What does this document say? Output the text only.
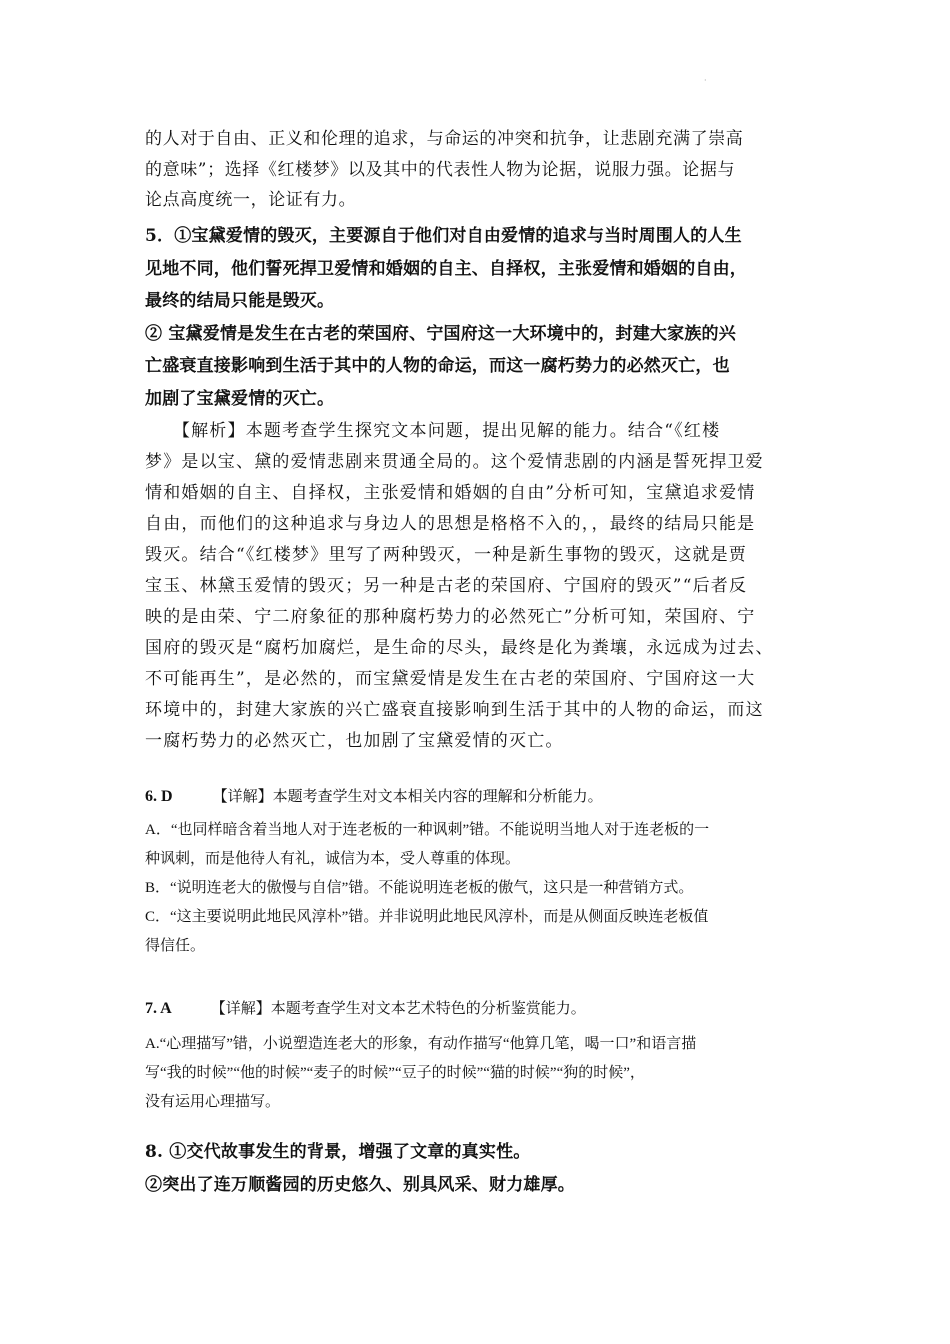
·

的人对于自由、正义和伦理的追求，与命运的冲突和抗争，让悲剧充满了崇高

的意味”；选择《红楼梦》以及其中的代表性人物为论据，说服力强。论据与

论点高度统一，论证有力。

5．①宝黛爱情的毁灭，主要源自于他们对自由爱情的追求与当时周围人的人生

见地不同，他们誓死捍卫爱情和婚姻的自主、自择权，主张爱情和婚姻的自由，

最终的结局只能是毁灭。

② 宝黛爱情是发生在古老的荣国府、宁国府这一大环境中的，封建大家族的兴

亡盛衰直接影响到生活于其中的人物的命运，而这一腐朽势力的必然灭亡，也

加剧了宝黛爱情的灭亡。

　　【解析】本题考查学生探究文本问题，提出见解的能力。结合“《红楼

梦》是以宝、黛的爱情悲剧来贯通全局的。这个爱情悲剧的内涵是誓死捍卫爱

情和婚姻的自主、自择权，主张爱情和婚姻的自由”分析可知，宝黛追求爱情

自由，而他们的这种追求与身边人的思想是格格不入的，，最终的结局只能是

毁灭。结合“《红楼梦》里写了两种毁灭，一种是新生事物的毁灭，这就是贾

宝玉、林黛玉爱情的毁灭；另一种是古老的荣国府、宁国府的毁灭”“后者反

映的是由荣、宁二府象征的那种腐朽势力的必然死亡”分析可知，荣国府、宁

国府的毁灭是“腐朽加腐烂，是生命的尽头，最终是化为粪壤，永远成为过去、

不可能再生”，是必然的，而宝黛爱情是发生在古老的荣国府、宁国府这一大

环境中的，封建大家族的兴亡盛衰直接影响到生活于其中的人物的命运，而这

一腐朽势力的必然灭亡，也加剧了宝黛爱情的灭亡。

6. D	【详解】本题考查学生对文本相关内容的理解和分析能力。

A．“也同样暗含着当地人对于连老板的一种讽刺”错。不能说明当地人对于连老板的一

种讽刺，而是他待人有礼，诚信为本，受人尊重的体现。

B．“说明连老大的傲慢与自信”错。不能说明连老板的傲气，这只是一种营销方式。

C．“这主要说明此地民风淳朴”错。并非说明此地民风淳朴，而是从侧面反映连老板值

得信任。

7. A	【详解】本题考查学生对文本艺术特色的分析鉴赏能力。

A.“心理描写”错，小说塑造连老大的形象，有动作描写“他算几笔，喝一口”和语言描

写“我的时候”“他的时候”“麦子的时候”“豆子的时候”“猫的时候”“狗的时候”，

没有运用心理描写。

8. ①交代故事发生的背景，增强了文章的真实性。

②突出了连万顺酱园的历史悠久、别具风采、财力雄厚。
